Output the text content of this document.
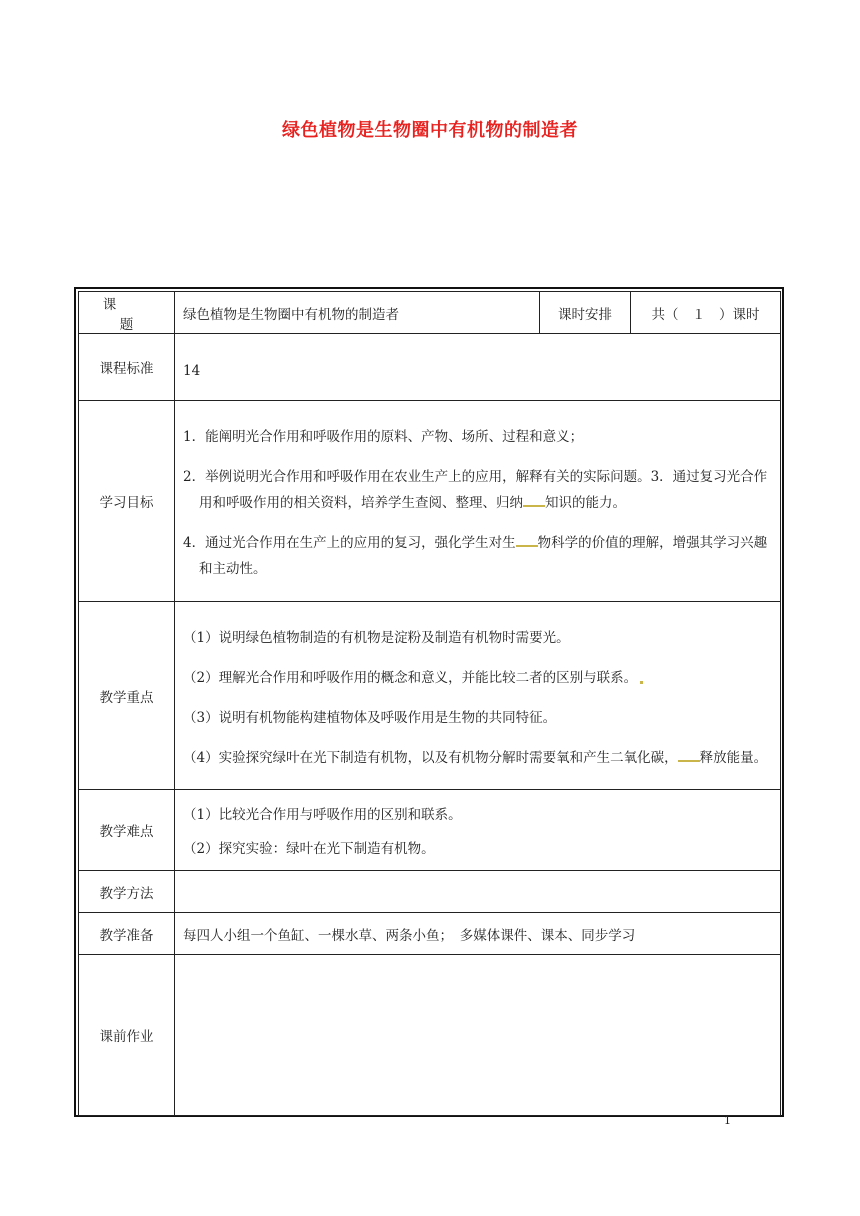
绿色植物是生物圈中有机物的制造者
课题	绿色植物是生物圈中有机物的制造者	课时安排	共（　１　）课时
课程标准	14		
学习目标	1．能阐明光合作用和呼吸作用的原料、产物、场所、过程和意义；
2．举例说明光合作用和呼吸作用在农业生产上的应用，解释有关的实际问题。3．通过复习光合作用和呼吸作用的相关资料，培养学生查阅、整理、归纳 知识的能力。
4．通过光合作用在生产上的应用的复习，强化学生对生 物科学的价值的理解，增强其学习兴趣和主动性。		

教学重点	（1）说明绿色植物制造的有机物是淀粉及制造有机物时需要光。
（2）理解光合作用和呼吸作用的概念和意义，并能比较二者的区别与联系。
（3）说明有机物能构建植物体及呼吸作用是生物的共同特征。
（4）实验探究绿叶在光下制造有机物，以及有机物分解时需要氧和产生二氧化碳， 释放能量。		

教学难点	（1）比较光合作用与呼吸作用的区别和联系。
（2）探究实验：绿叶在光下制造有机物。		

教学方法			
教学准备	每四人小组一个鱼缸、一棵水草、两条小鱼；　多媒体课件、课本、同步学习		
课前作业			
1
